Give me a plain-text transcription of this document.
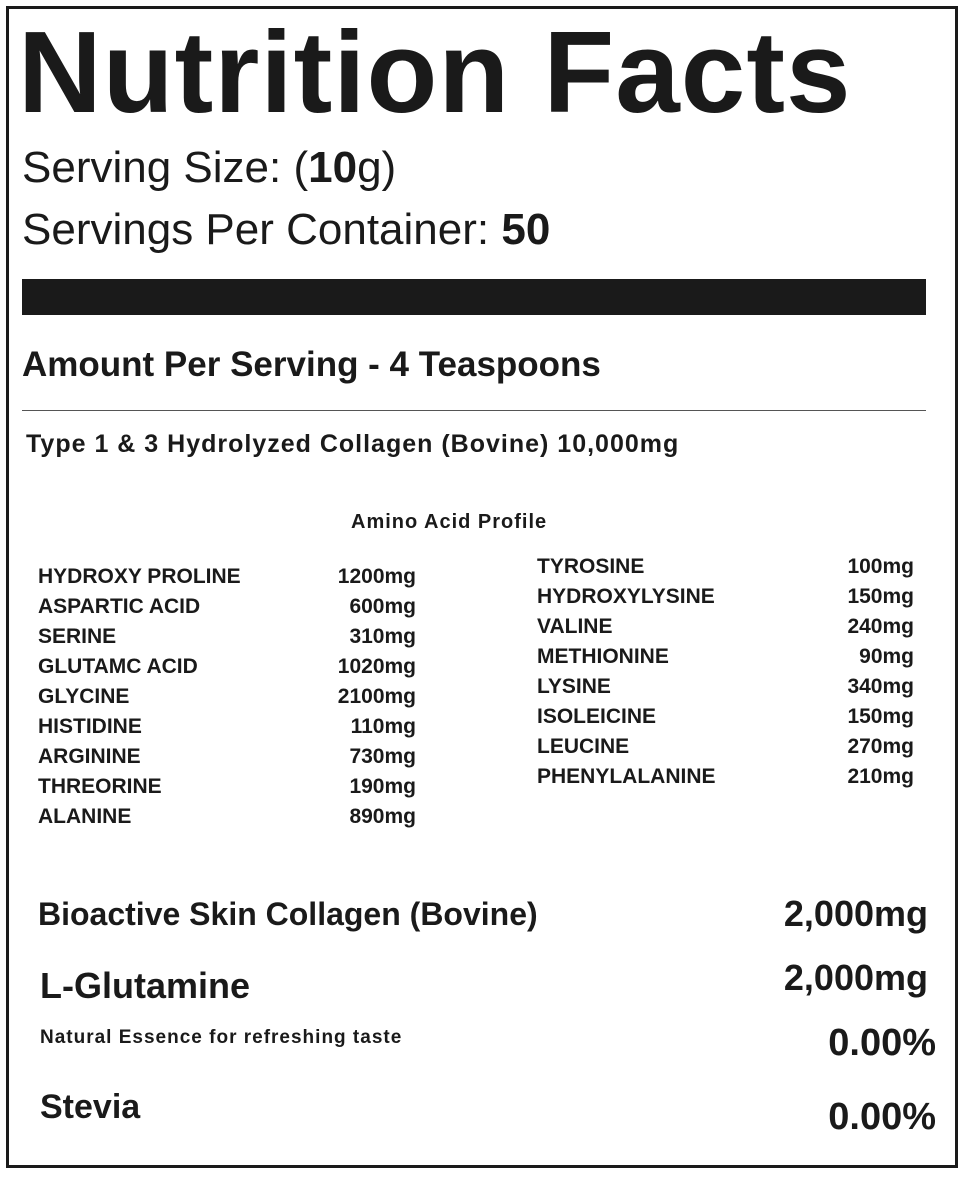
Nutrition Facts
Serving Size: (10g)
Servings Per Container: 50
Amount Per Serving - 4 Teaspoons
Type 1 & 3 Hydrolyzed Collagen (Bovine) 10,000mg
Amino Acid Profile
HYDROXY PROLINE	1200mg
ASPARTIC ACID	600mg
SERINE	310mg
GLUTAMC ACID	1020mg
GLYCINE	2100mg
HISTIDINE	110mg
ARGININE	730mg
THREORINE	190mg
ALANINE	890mg
TYROSINE	100mg
HYDROXYLYSINE	150mg
VALINE	240mg
METHIONINE	90mg
LYSINE	340mg
ISOLEICINE	150mg
LEUCINE	270mg
PHENYLALANINE	210mg
Bioactive Skin Collagen (Bovine)	2,000mg
L-Glutamine	2,000mg
Natural Essence for refreshing taste	0.00%
Stevia	0.00%
